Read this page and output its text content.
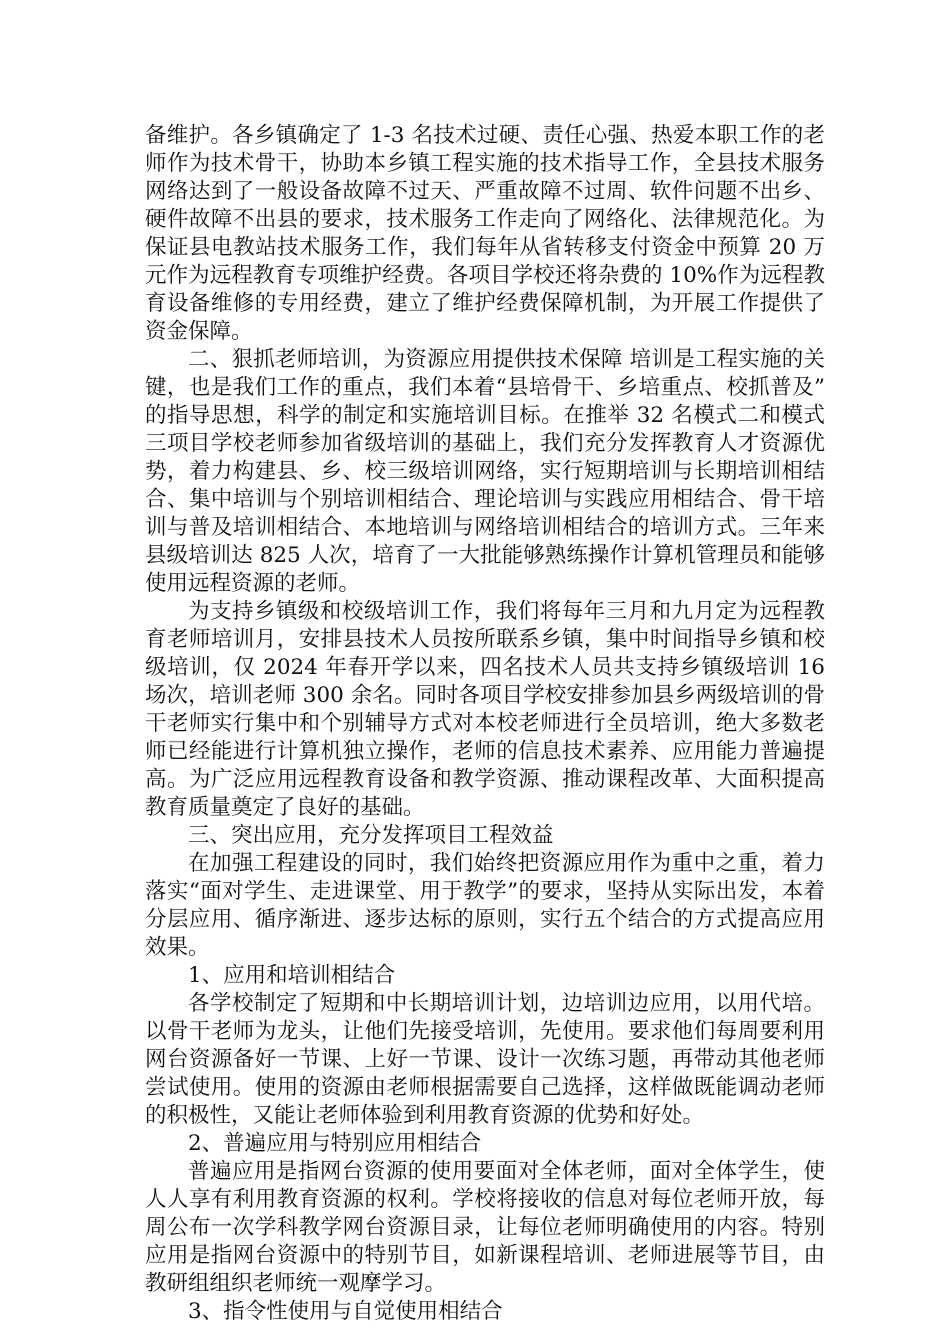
备维护。各乡镇确定了 1-3 名技术过硬、责任心强、热爱本职工作的老师作为技术骨干，协助本乡镇工程实施的技术指导工作，全县技术服务网络达到了一般设备故障不过天、严重故障不过周、软件问题不出乡、硬件故障不出县的要求，技术服务工作走向了网络化、法律规范化。为保证县电教站技术服务工作，我们每年从省转移支付资金中预算 20 万元作为远程教育专项维护经费。各项目学校还将杂费的 10%作为远程教育设备维修的专用经费，建立了维护经费保障机制，为开展工作提供了资金保障。

二、狠抓老师培训，为资源应用提供技术保障 培训是工程实施的关键，也是我们工作的重点，我们本着“县培骨干、乡培重点、校抓普及”的指导思想，科学的制定和实施培训目标。在推举 32 名模式二和模式三项目学校老师参加省级培训的基础上，我们充分发挥教育人才资源优势，着力构建县、乡、校三级培训网络，实行短期培训与长期培训相结合、集中培训与个别培训相结合、理论培训与实践应用相结合、骨干培训与普及培训相结合、本地培训与网络培训相结合的培训方式。三年来县级培训达 825 人次，培育了一大批能够熟练操作计算机管理员和能够使用远程资源的老师。

为支持乡镇级和校级培训工作，我们将每年三月和九月定为远程教育老师培训月，安排县技术人员按所联系乡镇，集中时间指导乡镇和校级培训，仅 2024 年春开学以来，四名技术人员共支持乡镇级培训 16 场次，培训老师 300 余名。同时各项目学校安排参加县乡两级培训的骨干老师实行集中和个别辅导方式对本校老师进行全员培训，绝大多数老师已经能进行计算机独立操作，老师的信息技术素养、应用能力普遍提高。为广泛应用远程教育设备和教学资源、推动课程改革、大面积提高教育质量奠定了良好的基础。

三、突出应用，充分发挥项目工程效益

在加强工程建设的同时，我们始终把资源应用作为重中之重，着力落实“面对学生、走进课堂、用于教学”的要求，坚持从实际出发，本着分层应用、循序渐进、逐步达标的原则，实行五个结合的方式提高应用效果。

1、应用和培训相结合

各学校制定了短期和中长期培训计划，边培训边应用，以用代培。以骨干老师为龙头，让他们先接受培训，先使用。要求他们每周要利用网台资源备好一节课、上好一节课、设计一次练习题，再带动其他老师尝试使用。使用的资源由老师根据需要自己选择，这样做既能调动老师的积极性，又能让老师体验到利用教育资源的优势和好处。

2、普遍应用与特别应用相结合

普遍应用是指网台资源的使用要面对全体老师，面对全体学生，使人人享有利用教育资源的权利。学校将接收的信息对每位老师开放，每周公布一次学科教学网台资源目录，让每位老师明确使用的内容。特别应用是指网台资源中的特别节目，如新课程培训、老师进展等节目，由教研组组织老师统一观摩学习。

3、指令性使用与自觉使用相结合
